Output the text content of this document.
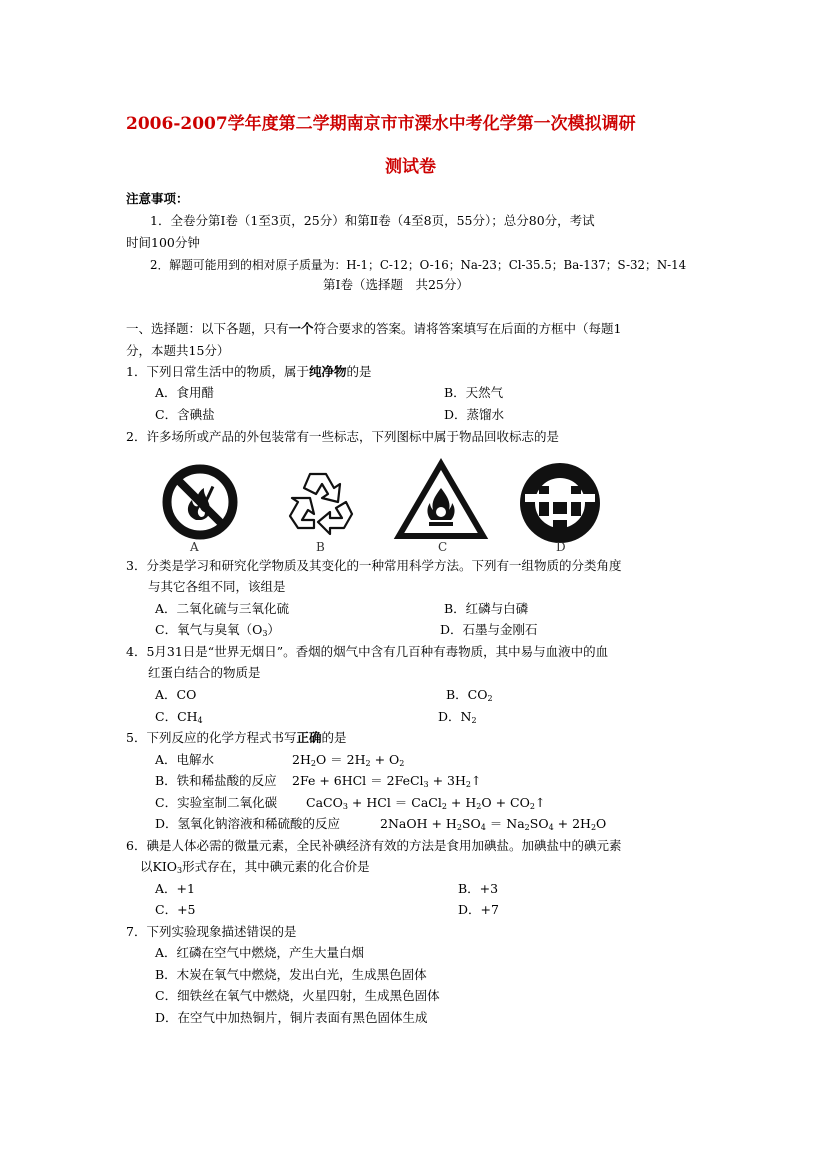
2006-2007学年度第二学期南京市市溧水中考化学第一次模拟调研
测试卷
注意事项：
1．全卷分第Ⅰ卷（1至3页，25分）和第Ⅱ卷（4至8页，55分）；总分80分，考试
时间100分钟
2．解题可能用到的相对原子质量为：H-1；C-12；O-16；Na-23；Cl-35.5；Ba-137；S-32；N-14
第Ⅰ卷（选择题　共25分）
一、选择题：以下各题，只有一个符合要求的答案。请将答案填写在后面的方框中（每题1
分，本题共15分）
1．下列日常生活中的物质，属于纯净物的是
A．食用醋	B．天然气
C．含碘盐	D．蒸馏水
2．许多场所或产品的外包装常有一些标志，下列图标中属于物品回收标志的是
A	B	C	D
3．分类是学习和研究化学物质及其变化的一种常用科学方法。下列有一组物质的分类角度
与其它各组不同，该组是
A．二氧化硫与三氧化硫	B．红磷与白磷
C．氧气与臭氧$(O_3)$	D．石墨与金刚石
4．5月31日是“世界无烟日”。香烟的烟气中含有几百种有毒物质，其中易与血液中的血
红蛋白结合的物质是
A．CO	B．$CO_2$
C．$CH_4$	D．$N_2$
5．下列反应的化学方程式书写正确的是
A．电解水	$2H_2O = 2H_2 + O_2$
B．铁和稀盐酸的反应 2Fe + 6HCl ＝ 2FeCl$_3$ + $3H_2↑$
C．实验室制二氧化碳 CaCO$_3$ + HCl ＝ CaCl$_2$ + $H_2O$ + $CO_2↑$
D．氢氧化钠溶液和稀硫酸的反应	2NaOH + $H_2SO_4 = Na_2SO_4 + 2H_2O$
6．碘是人体必需的微量元素，全民补碘经济有效的方法是食用加碘盐。加碘盐中的碘元素
以$KIO_3$形式存在，其中碘元素的化合价是
A．+1	B．+3
C．+5	D．+7
7．下列实验现象描述错误的是
A．红磷在空气中燃烧，产生大量白烟
B．木炭在氧气中燃烧，发出白光，生成黑色固体
C．细铁丝在氧气中燃烧，火星四射，生成黑色固体
D．在空气中加热铜片，铜片表面有黑色固体生成
